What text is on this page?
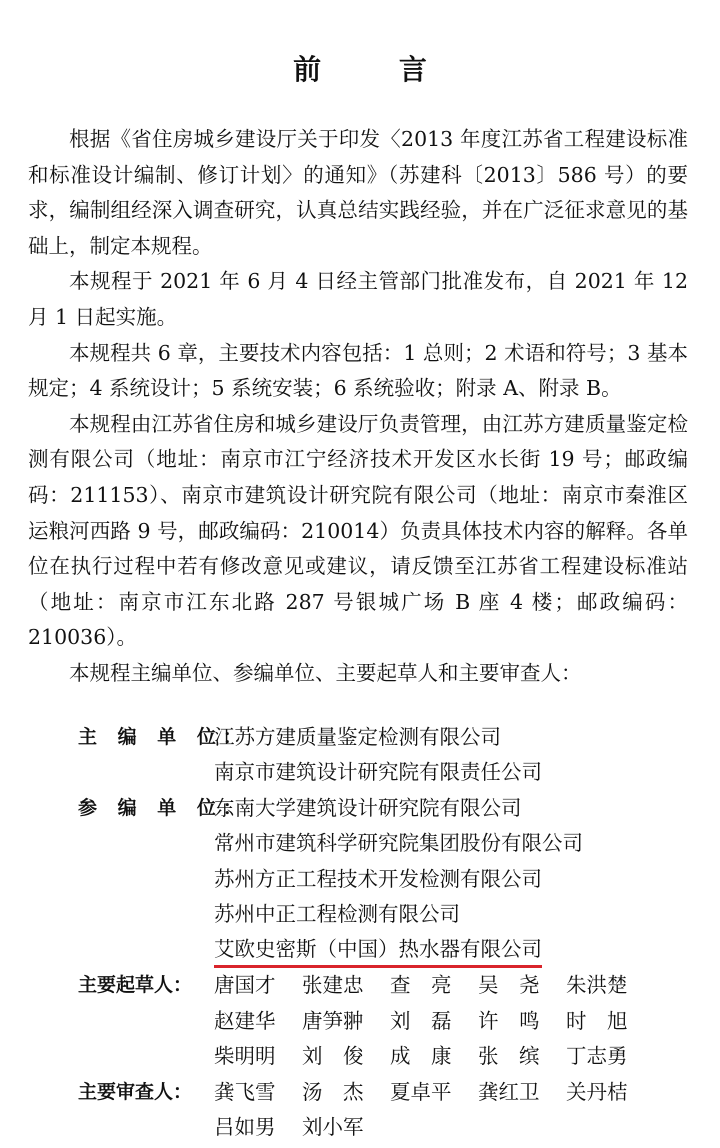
前 言

根据《省住房城乡建设厅关于印发〈2013 年度江苏省工程建设标准和标准设计编制、修订计划〉的通知》（苏建科〔2013〕586 号）的要求，编制组经深入调查研究，认真总结实践经验，并在广泛征求意见的基础上，制定本规程。

本规程于 2021 年 6 月 4 日经主管部门批准发布，自 2021 年 12 月 1 日起实施。

本规程共 6 章，主要技术内容包括：1 总则；2 术语和符号；3 基本规定；4 系统设计；5 系统安装；6 系统验收；附录 A、附录 B。

本规程由江苏省住房和城乡建设厅负责管理，由江苏方建质量鉴定检测有限公司（地址：南京市江宁经济技术开发区水长街 19 号；邮政编码：211153）、南京市建筑设计研究院有限公司（地址：南京市秦淮区运粮河西路 9 号，邮政编码：210014）负责具体技术内容的解释。各单位在执行过程中若有修改意见或建议，请反馈至江苏省工程建设标准站（地址：南京市江东北路 287 号银城广场 B 座 4 楼；邮政编码：210036）。

本规程主编单位、参编单位、主要起草人和主要审查人：

主 编 单 位：
江苏方建质量鉴定检测有限公司
南京市建筑设计研究院有限责任公司
参 编 单 位：
东南大学建筑设计研究院有限公司
常州市建筑科学研究院集团股份有限公司
苏州方正工程技术开发检测有限公司
苏州中正工程检测有限公司
艾欧史密斯（中国）热水器有限公司
主要起草人：	唐国才	张建忠	查亮 吴尧 朱洪楚
赵建华	唐笋翀	刘磊 许鸣 时旭
柴明明	刘俊 成康 张缤 丁志勇
主要审查人：	龚飞雪	汤杰 夏卓平	龚红卫	关丹桔
吕如男	刘小军
